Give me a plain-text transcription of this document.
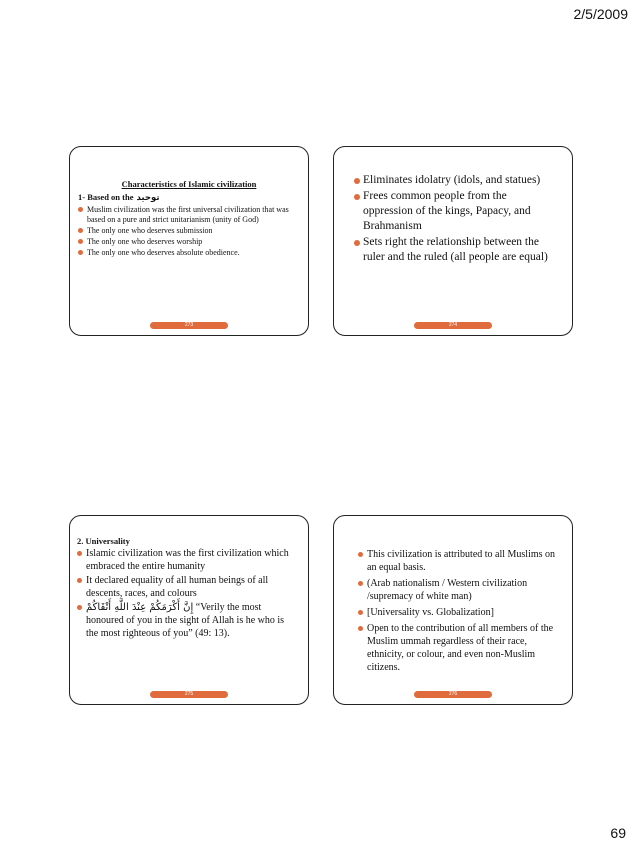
2/5/2009

Characteristics of Islamic civilization

1- Based on the توحيد

Muslim civilization was the first universal civilization that was based on a pure and strict unitarianism (unity of God)
The only one who deserves submission
The only one who deserves worship
The only one who deserves absolute obedience.
273
Eliminates idolatry (idols, and statues)
Frees common people from the oppression of the kings, Papacy, and Brahmanism
Sets right the relationship between the ruler and the ruled (all people are equal)
274

2. Universality

Islamic civilization was the first civilization which embraced the entire humanity
It declared equality of all human beings of all descents, races, and colours
إِنَّ أَكْرَمَكُمْ عِنْدَ اللَّهِ أَتْقَاكُمْ “Verily the most honoured of you in the sight of Allah is he who is the most righteous of you” (49: 13).
275
This civilization is attributed to all Muslims on an equal basis.
(Arab nationalism / Western civilization /supremacy of white man)
[Universality vs. Globalization]
Open to the contribution of all members of the Muslim ummah regardless of their race, ethnicity, or colour, and even non-Muslim citizens.
276
69
